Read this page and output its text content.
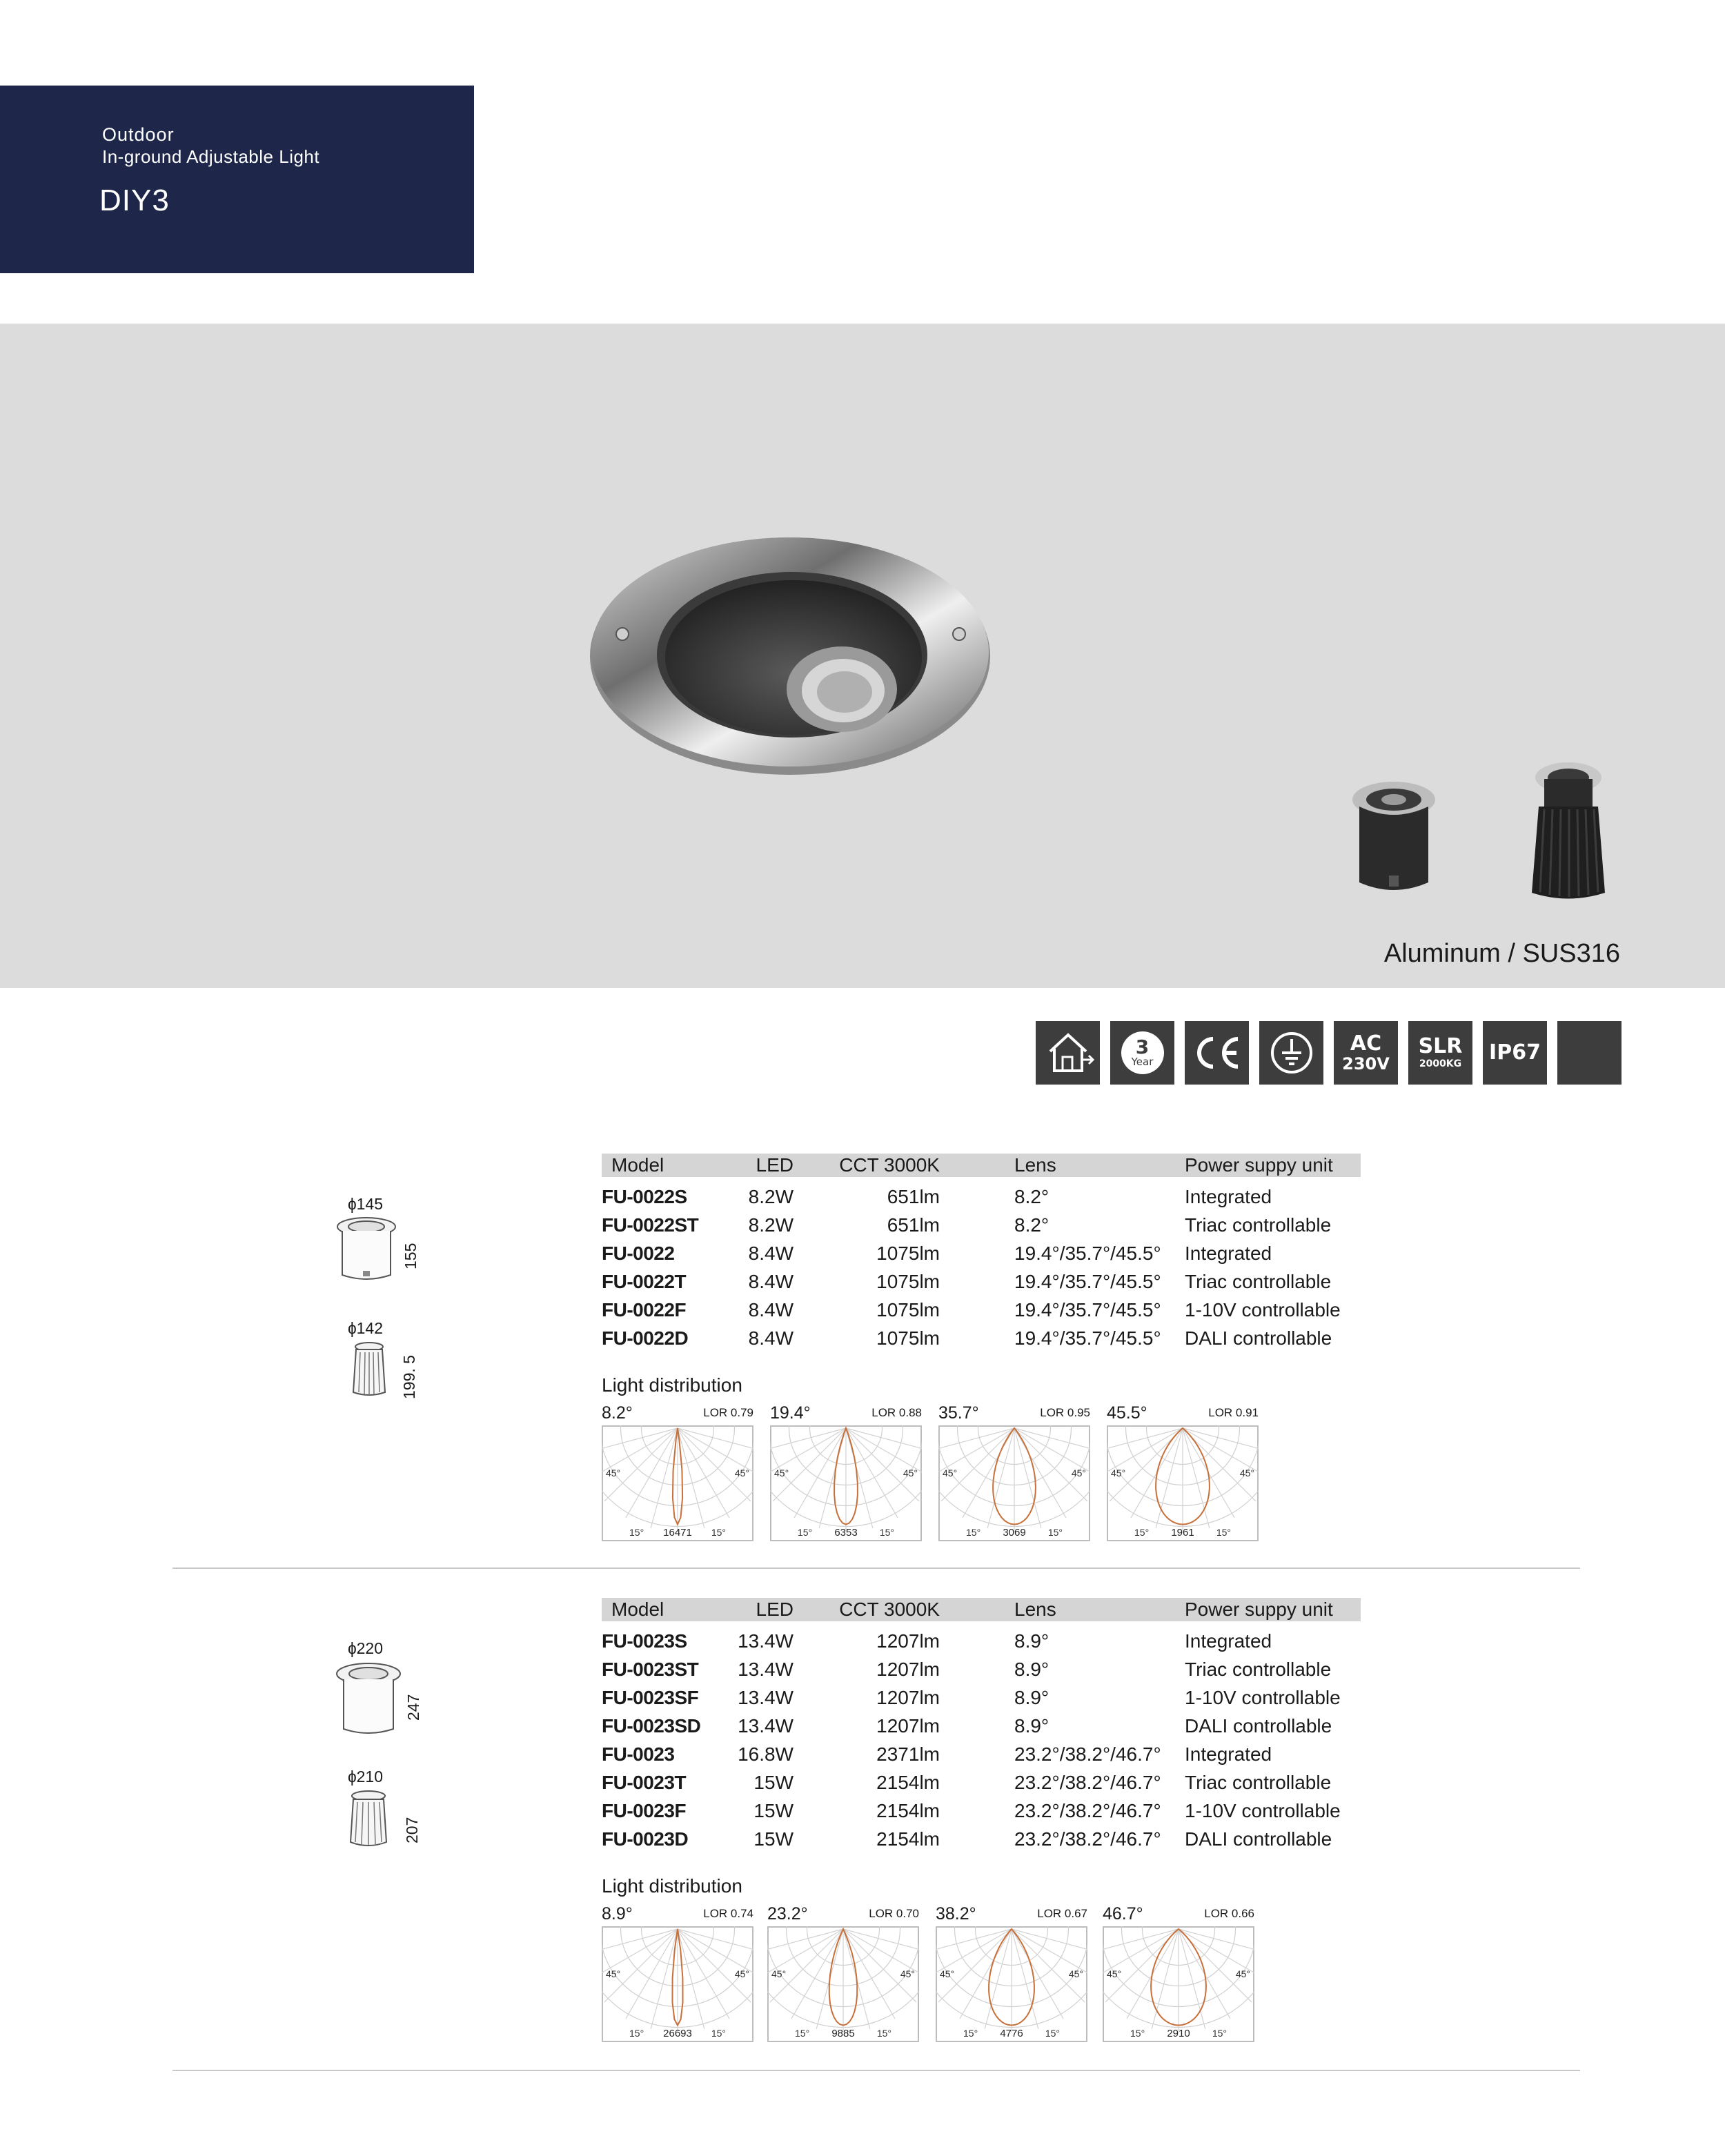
Outdoor
In-ground Adjustable Light
DIY3
Aluminum / SUS316
3
Year
AC
230V
SLR
2000KG IP67
ɸ145
155
ɸ142
199. 5
Model	LED	CCT 3000K	Lens	Power suppy unit
FU-0022S	8.2W	651lm	8.2°	Integrated
FU-0022ST	8.2W	651lm	8.2°	Triac controllable
FU-0022	8.4W	1075lm	19.4°/35.7°/45.5° Integrated
FU-0022T	8.4W	1075lm	19.4°/35.7°/45.5° Triac controllable
FU-0022F	8.4W	1075lm	19.4°/35.7°/45.5° 1-10V controllable
FU-0022D	8.4W	1075lm	19.4°/35.7°/45.5° DALI controllable
Light distribution
8.2°	LOR 0.79
45°	45°
15°	15°
16471
19.4°	LOR 0.88
45°	45°
15°	15°
6353
35.7°	LOR 0.95
45°	45°
15°	15°
3069
45.5°	LOR 0.91
45°	45°
15°	15°
1961
ɸ220
247
ɸ210
207
Model	LED	CCT 3000K	Lens	Power suppy unit
FU-0023S	13.4W	1207lm	8.9°	Integrated
FU-0023ST	13.4W	1207lm	8.9°	Triac controllable
FU-0023SF	13.4W	1207lm	8.9°	1-10V controllable
FU-0023SD	13.4W	1207lm	8.9°	DALI controllable
FU-0023	16.8W	2371lm	23.2°/38.2°/46.7° Integrated
FU-0023T	15W	2154lm	23.2°/38.2°/46.7° Triac controllable
FU-0023F	15W	2154lm	23.2°/38.2°/46.7° 1-10V controllable
FU-0023D	15W	2154lm	23.2°/38.2°/46.7° DALI controllable
Light distribution
8.9°	LOR 0.74
45°	45°
15°	15°
26693
23.2°	LOR 0.70
45°	45°
15°	15°
9885
38.2°	LOR 0.67
45°	45°
15°	15°
4776
46.7°	LOR 0.66
45°	45°
15°	15°
2910
